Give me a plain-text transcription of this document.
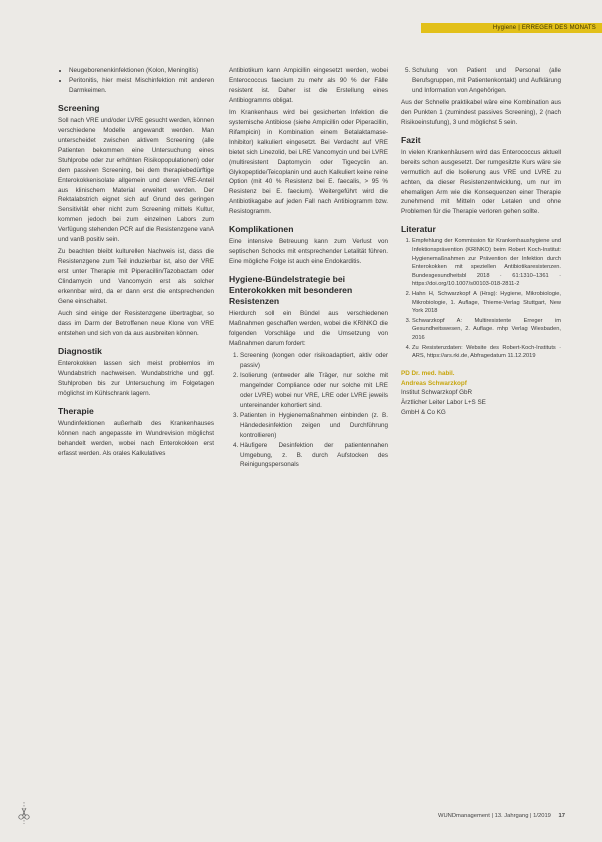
Hygiene | ERREGER DES MONATS
• Neugeborenenkinfektionen (Kolon, Meningitis)
• Peritonitis, hier meist Mischinfektion mit anderen Darmkeimen.
Screening

Soll nach VRE und/oder LVRE gesucht werden, können verschiedene Modelle angewandt werden. Man unterscheidet zwischen aktivem Screening (alle Patienten bekommen eine Untersuchung eines Stuhlprobe oder zur erhöhten Risikopopulationen) oder dem passiven Screening, bei dem therapiebedürftige Enterokokkenisolate allgemein und deren VRE-Anteil aus klinischem Material erweitert werden. Der Rektalabstrich eignet sich auf Grund des geringen Sensitivität eher nicht zum Screening mittels Kultur, kommen jedoch bei zum einzelnen Labors zum Verfügung stehenden PCR auf die Resistenzgene vanA und vanB positiv sein.

Zu beachten bleibt kulturellen Nachweis ist, dass die Resistenzgene zum Teil induzierbar ist, also der VRE erst unter Therapie mit Piperacillin/Tazobactam oder Clindamycin und Vancomycin erst als solcher erkennbar wird, da er dann erst die entsprechenden Gene einschaltet.

Auch sind einige der Resistenzgene übertragbar, so dass im Darm der Betroffenen neue Klone von VRE entstehen und sich von da aus ausbreiten können.

Diagnostik

Enterokokken lassen sich meist problemlos im Wundabstrich nachweisen. Wundabstriche und ggf. Stuhlproben bis zur Untersuchung im Folgetagen möglichst im Kühlschrank lagern.

Therapie

Wundinfektionen außerhalb des Krankenhauses können nach angepasste im Wundrevision möglichst behandelt werden, wobei nach Enterokokken erst erfasst werden. Als orales Kalkulatives

Antibiotikum kann Ampicillin eingesetzt werden, wobei Enterococcus faecium zu mehr als 90 % der Fälle resistent ist. Daher ist die Erstellung eines Antibiogramms obligat.

Im Krankenhaus wird bei gesicherten Infektion die systemische Antibiose (siehe Ampicillin oder Piperacillin, Rifampicin) in Kombination einem Betalaktamase-Inhibitor) kalkuliert eingesetzt. Bei Verdacht auf VRE bietet sich Linezolid, bei LRE Vancomycin und bei LVRE (multiresistent Daptomycin oder Tigecyclin an. Glykopeptide/Teicoplanin und auch Kalkuliert keine reine Option (mit 40 % Resistenz bei E. faecalis, > 95 % Resistenz bei E. faecium). Weitergeführt wird die Antibiotikagabe auf jeden Fall nach Antibiogramm bzw. Resistogramm.

Komplikationen

Eine intensive Betreuung kann zum Verlust von septischen Schocks mit entsprechender Letalität führen. Eine mögliche Folge ist auch eine Endokarditis.

Hygiene-Bündelstrategie bei Enterokokken mit besonderen Resistenzen

Hierdurch soll ein Bündel aus verschiedenen Maßnahmen geschaffen werden, wobei die KRINKO die folgenden Vorschläge und die Umsetzung von Maßnahmen darum fordert:

1. Screening (kongen oder risikoadaptiert, aktiv oder passiv)
2. Isolierung (entweder alle Träger, nur solche mit mangelnder Compliance oder nur solche mit LRE oder LVRE) wobei nur VRE, LRE oder LVRE jeweils untereinander kohortiert sind.
3. Patienten in Hygienemaßnahmen einbinden (z. B. Händedesinfektion zeigen und Durchführung kontrollieren)
4. Häufigere Desinfektion der patientennahen Umgebung, z. B. durch Aufstocken des Reinigungspersonals
5. Schulung von Patient und Personal (alle Berufsgruppen, mit Patientenkontakt) und Aufklärung und Information von Angehörigen.

Aus der Schnelle praktikabel wäre eine Kombination aus den Punkten 1 (zumindest passives Screening), 2 (nach Risikoeinstufung), 3 und möglichst 5 sein.

Fazit

In vielen Krankenhäusern wird das Enterococcus aktuell bereits schon ausgesetzt. Der rumgesitzte Kurs wäre sie vermutlich auf die Isolierung aus VRE und LVRE zu achten, da dieser Resistenzentwicklung, um nur im ehemaligen Arm wie die Konsequenzen einer Therapie zunehmend mit Mitteln oder Letalen und ohne Problemen für die Therapie verloren gehen sollte.

Literatur
1. Empfehlung der Kommission für Krankenhaushygiene und Infektionsprävention (KRINKO) beim Robert Koch-Institut: Hygienemaßnahmen zur Prävention der Infektion durch Enterokokken mit speziellen Antibiotikaresistenzen. Bundesgesundheitsbl 2018 · 61:1310–1361 · https://doi.org/10.1007/s00103-018-2811-2
2. Hahn H, Schwarzkopf A (Hrsg): Hygiene, Mikrobiologie, Mikrobiologie, 1. Auflage, Thieme-Verlag Stuttgart, New York 2018
3. Schwarzkopf A: Multiresistente Erreger im Gesundheitswesen, 2. Auflage. mhp Verlag Wiesbaden, 2016
4. Zu Resistenzdaten: Website des Robert-Koch-Instituts · ARS, https://ars.rki.de, Abfragedatum 11.12.2019
PD Dr. med. habil.
Andreas Schwarzkopf
Institut Schwarzkopf GbR
Ärztlicher Leiter Labor L+S SE
GmbH & Co KG
WUNDmanagement | 13. Jahrgang | 1/2019 17
